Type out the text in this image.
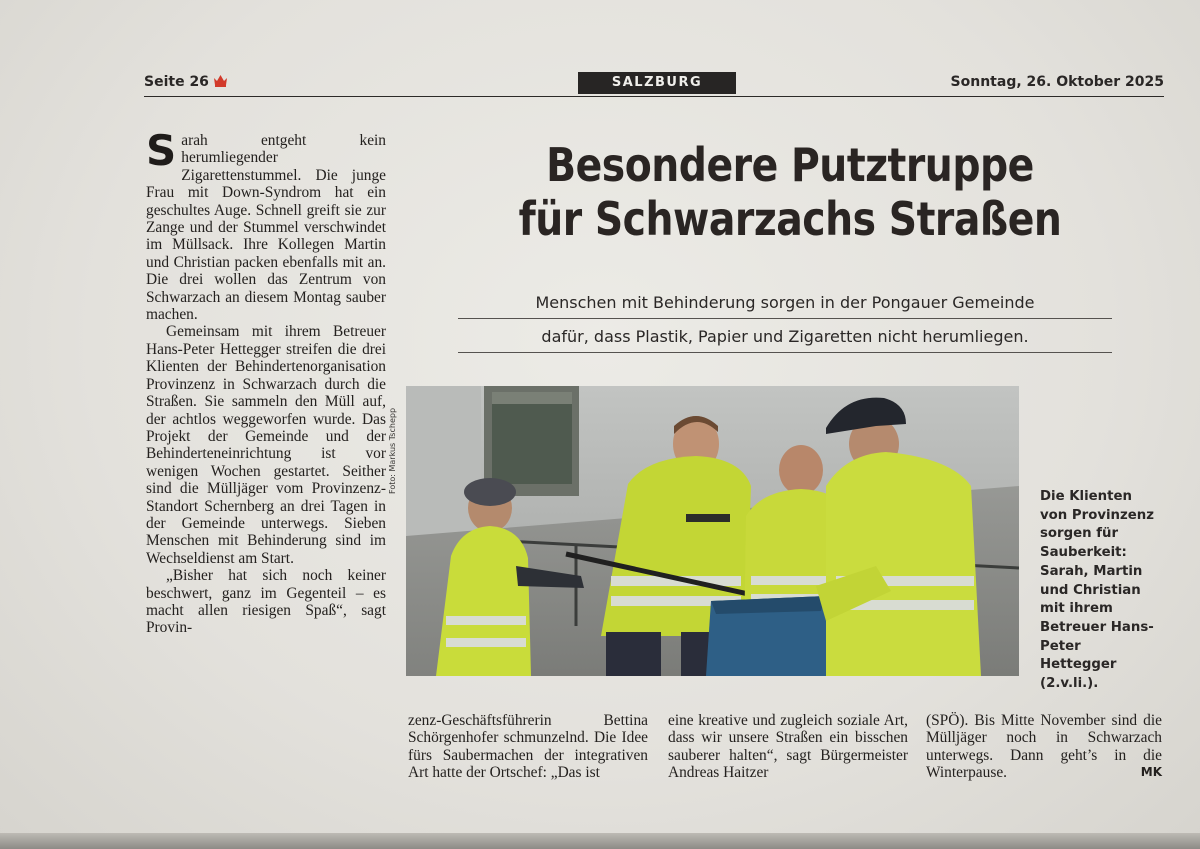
Seite 26	SALZBURG	Sonntag, 26. Oktober 2025

Sarah entgeht kein herumliegender Zigarettenstummel. Die junge Frau mit Down-Syndrom hat ein geschultes Auge. Schnell greift sie zur Zange und der Stummel verschwindet im Müllsack. Ihre Kollegen Martin und Christian packen ebenfalls mit an. Die drei wollen das Zentrum von Schwarzach an diesem Montag sauber machen.

Gemeinsam mit ihrem Betreuer Hans-Peter Hettegger streifen die drei Klienten der Behindertenorganisation Provinzenz in Schwarzach durch die Straßen. Sie sammeln den Müll auf, der achtlos weggeworfen wurde. Das Projekt der Gemeinde und der Behinderteneinrichtung ist vor wenigen Wochen gestartet. Seither sind die Mülljäger vom Provinzenz-Standort Schernberg an drei Tagen in der Gemeinde unterwegs. Sieben Menschen mit Behinderung sind im Wechseldienst am Start.

„Bisher hat sich noch keiner beschwert, ganz im Gegenteil – es macht allen riesigen Spaß“, sagt Provin-

Besondere Putztruppe
für Schwarzachs Straßen
Menschen mit Behinderung sorgen in der Pongauer Gemeinde
dafür, dass Plastik, Papier und Zigaretten nicht herumliegen.
Foto: Markus Tschepp
Die Klienten von Provinzenz sorgen für Sauberkeit: Sarah, Martin und Christian mit ihrem Betreuer Hans-Peter Hettegger (2.v.li.).

zenz-Geschäftsführerin Bettina Schörgenhofer schmunzelnd. Die Idee fürs Saubermachen der integrativen Art hatte der Ortschef: „Das ist

eine kreative und zugleich soziale Art, dass wir unsere Straßen ein bisschen sauberer halten“, sagt Bürgermeister Andreas Haitzer

(SPÖ). Bis Mitte November sind die Mülljäger noch in Schwarzach unterwegs. Dann geht’s in die Winterpause.	MK
